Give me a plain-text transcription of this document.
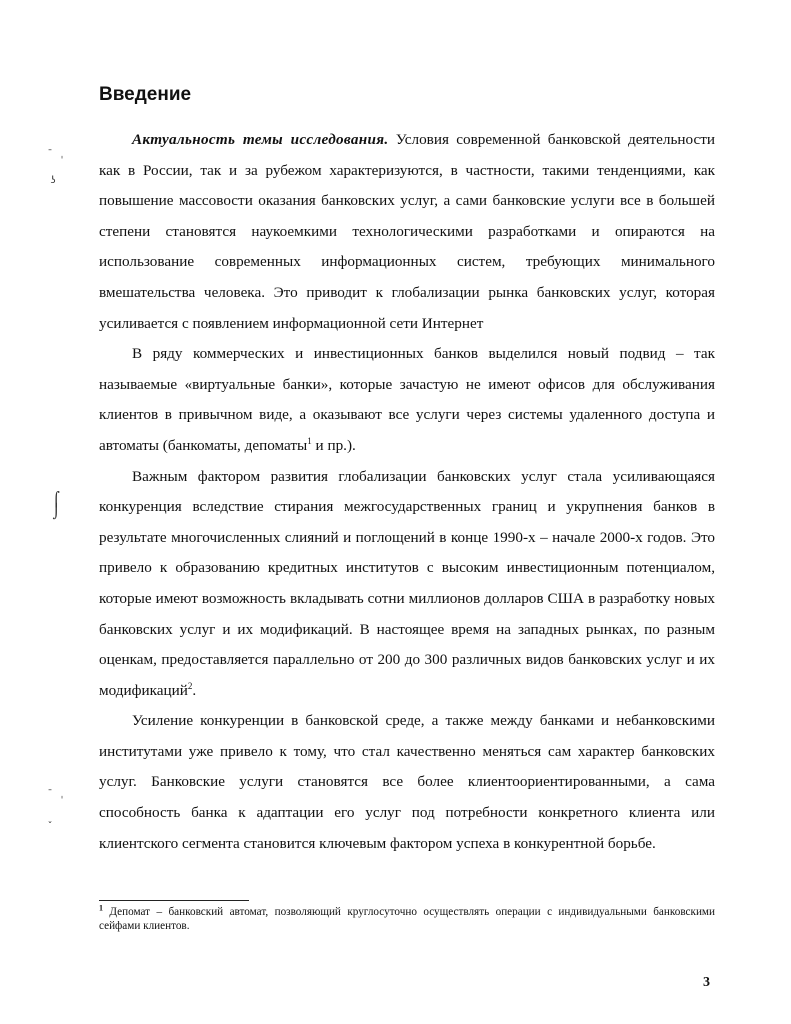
Введение

Актуальность темы исследования. Условия современной банковской деятельности как в России, так и за рубежом характеризуются, в частности, такими тенденциями, как повышение массовости оказания банковских услуг, а сами банковские услуги все в большей степени становятся наукоемкими технологическими разработками и опираются на использование современных информационных систем, требующих минимального вмешательства человека. Это приводит к глобализации рынка банковских услуг, которая усиливается с появлением информационной сети Интернет

В ряду коммерческих и инвестиционных банков выделился новый подвид – так называемые «виртуальные банки», которые зачастую не имеют офисов для обслуживания клиентов в привычном виде, а оказывают все услуги через системы удаленного доступа и автоматы (банкоматы, депоматы$^1$ и пр.).

Важным фактором развития глобализации банковских услуг стала усиливающаяся конкуренция вследствие стирания межгосударственных границ и укрупнения банков в результате многочисленных слияний и поглощений в конце 1990-х – начале 2000-х годов. Это привело к образованию кредитных институтов с высоким инвестиционным потенциалом, которые имеют возможность вкладывать сотни миллионов долларов США в разработку новых банковских услуг и их модификаций. В настоящее время на западных рынках, по разным оценкам, предоставляется параллельно от 200 до 300 различных видов банковских услуг и их модификаций$^2$.

Усиление конкуренции в банковской среде, а также между банками и небанковскими институтами уже привело к тому, что стал качественно меняться сам характер банковских услуг. Банковские услуги становятся все более клиентоориентированными, а сама способность банка к адаптации его услуг под потребности конкретного клиента или клиентского сегмента становится ключевым фактором успеха в конкурентной борьбе.

$^1$ Депомат – банковский автомат, позволяющий круглосуточно осуществлять операции с индивидуальными банковскими сейфами клиентов.

3
ˉ ˌ
ʖ
⌠
⌡
ˉ ˌ
ˇ
